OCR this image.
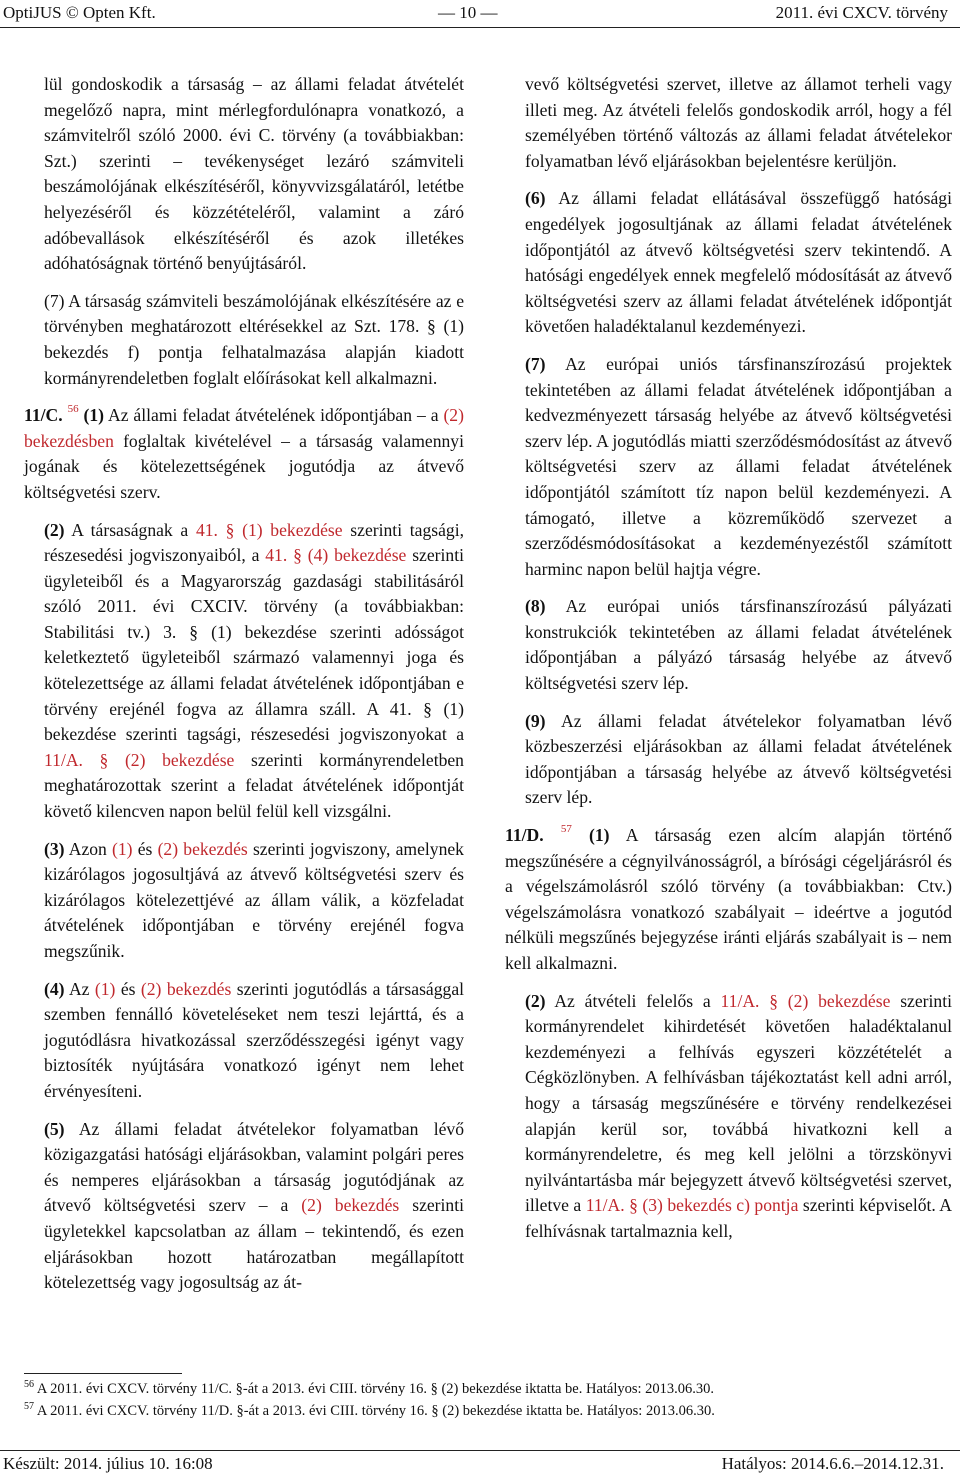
OptiJUS © Opten Kft.	— 10 —	2011. évi CXCV. törvény

lül gondoskodik a társaság – az állami feladat átvételét megelőző napra, mint mérlegfordulónapra vonatkozó, a számvitelről szóló 2000. évi C. törvény (a továbbiakban: Szt.) szerinti – tevékenységet lezáró számviteli beszámolójának elkészítéséről, könyvvizsgálatáról, letétbe helyezéséről és közzétételéről, valamint a záró adóbevallások elkészítéséről és azok illetékes adóhatóságnak történő benyújtásáról.

(7) A társaság számviteli beszámolójának elkészítésére az e törvényben meghatározott eltérésekkel az Szt. 178. § (1) bekezdés f) pontja felhatalmazása alapján kiadott kormányrendeletben foglalt előírásokat kell alkalmazni.

11/C. $^{56}$ (1) Az állami feladat átvételének időpontjában – a (2) bekezdésben foglaltak kivételével – a társaság valamennyi jogának és kötelezettségének jogutódja az átvevő költségvetési szerv.

(2) A társaságnak a 41. § (1) bekezdése szerinti tagsági, részesedési jogviszonyaiból, a 41. § (4) bekezdése szerinti ügyleteiből és a Magyarország gazdasági stabilitásáról szóló 2011. évi CXCIV. törvény (a továbbiakban: Stabilitási tv.) 3. § (1) bekezdése szerinti adósságot keletkeztető ügyleteiből származó valamennyi joga és kötelezettsége az állami feladat átvételének időpontjában e törvény erejénél fogva az államra száll. A 41. § (1) bekezdése szerinti tagsági, részesedési jogviszonyokat a 11/A. § (2) bekezdése szerinti kormányrendeletben meghatározottak szerint a feladat átvételének időpontját követő kilencven napon belül felül kell vizsgálni.

(3) Azon (1) és (2) bekezdés szerinti jogviszony, amelynek kizárólagos jogosultjává az átvevő költségvetési szerv és kizárólagos kötelezettjévé az állam válik, a közfeladat átvételének időpontjában e törvény erejénél fogva megszűnik.

(4) Az (1) és (2) bekezdés szerinti jogutódlás a társasággal szemben fennálló követeléseket nem teszi lejárttá, és a jogutódlásra hivatkozással szerződésszegési igényt vagy biztosíték nyújtására vonatkozó igényt nem lehet érvényesíteni.

(5) Az állami feladat átvételekor folyamatban lévő közigazgatási hatósági eljárásokban, valamint polgári peres és nemperes eljárásokban a társaság jogutódjának az átvevő költségvetési szerv – a (2) bekezdés szerinti ügyletekkel kapcsolatban az állam – tekintendő, és ezen eljárásokban hozott határozatban megállapított kötelezettség vagy jogosultság az át-

vevő költségvetési szervet, illetve az államot terheli vagy illeti meg. Az átvételi felelős gondoskodik arról, hogy a fél személyében történő változás az állami feladat átvételekor folyamatban lévő eljárásokban bejelentésre kerüljön.

(6) Az állami feladat ellátásával összefüggő hatósági engedélyek jogosultjának az állami feladat átvételének időpontjától az átvevő költségvetési szerv tekintendő. A hatósági engedélyek ennek megfelelő módosítását az átvevő költségvetési szerv az állami feladat átvételének időpontját követően haladéktalanul kezdeményezi.

(7) Az európai uniós társfinanszírozású projektek tekintetében az állami feladat átvételének időpontjában a kedvezményezett társaság helyébe az átvevő költségvetési szerv lép. A jogutódlás miatti szerződésmódosítást az átvevő költségvetési szerv az állami feladat átvételének időpontjától számított tíz napon belül kezdeményezi. A támogató, illetve a közreműködő szervezet a szerződésmódosításokat a kezdeményezéstől számított harminc napon belül hajtja végre.

(8) Az európai uniós társfinanszírozású pályázati konstrukciók tekintetében az állami feladat átvételének időpontjában a pályázó társaság helyébe az átvevő költségvetési szerv lép.

(9) Az állami feladat átvételekor folyamatban lévő közbeszerzési eljárásokban az állami feladat átvételének időpontjában a társaság helyébe az átvevő költségvetési szerv lép.

11/D. $^{57}$ (1) A társaság ezen alcím alapján történő megszűnésére a cégnyilvánosságról, a bírósági cégeljárásról és a végelszámolásról szóló törvény (a továbbiakban: Ctv.) végelszámolásra vonatkozó szabályait – ideértve a jogutód nélküli megszűnés bejegyzése iránti eljárás szabályait is – nem kell alkalmazni.

(2) Az átvételi felelős a 11/A. § (2) bekezdése szerinti kormányrendelet kihirdetését követően haladéktalanul kezdeményezi a felhívás egyszeri közzétételét a Cégközlönyben. A felhívásban tájékoztatást kell adni arról, hogy a társaság megszűnésére e törvény rendelkezései alapján kerül sor, továbbá hivatkozni kell a kormányrendeletre, és meg kell jelölni a törzskönyvi nyilvántartásba már bejegyzett átvevő költségvetési szervet, illetve a 11/A. § (3) bekezdés c) pontja szerinti képviselőt. A felhívásnak tartalmaznia kell,

$^{56}$ A 2011. évi CXCV. törvény 11/C. §-át a 2013. évi CIII. törvény 16. § (2) bekezdése iktatta be. Hatályos: 2013.06.30.
$^{57}$ A 2011. évi CXCV. törvény 11/D. §-át a 2013. évi CIII. törvény 16. § (2) bekezdése iktatta be. Hatályos: 2013.06.30.
Készült: 2014. július 10. 16:08	Hatályos: 2014.6.6.–2014.12.31.
